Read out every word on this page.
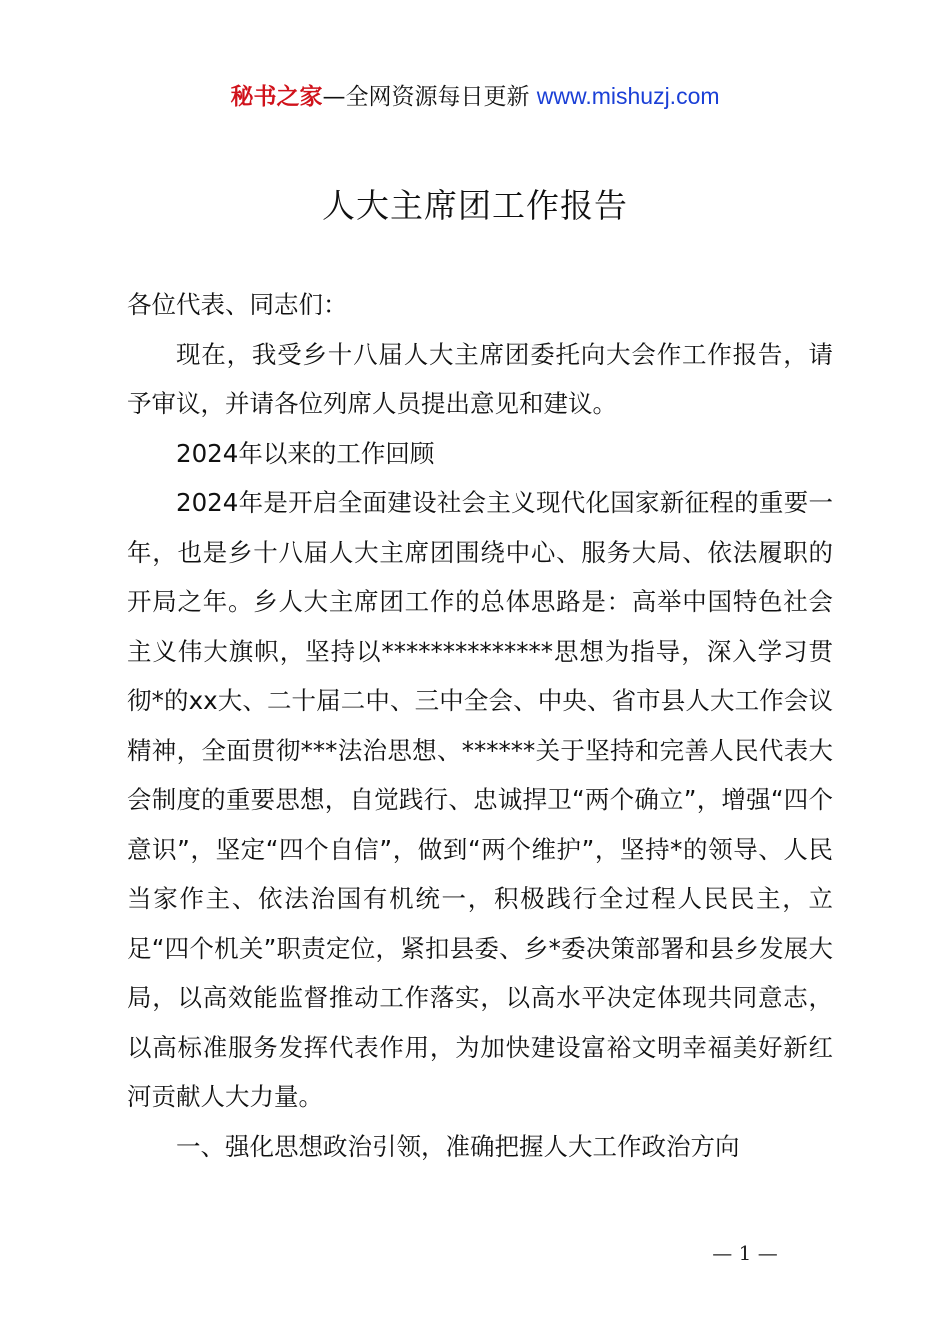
秘书之家—全网资源每日更新 www.mishuzj.com
人大主席团工作报告

各位代表、同志们：

现在，我受乡十八届人大主席团委托向大会作工作报告，请予审议，并请各位列席人员提出意见和建议。

2024年以来的工作回顾

2024年是开启全面建设社会主义现代化国家新征程的重要一年，也是乡十八届人大主席团围绕中心、服务大局、依法履职的开局之年。乡人大主席团工作的总体思路是：高举中国特色社会主义伟大旗帜，坚持以**************思想为指导，深入学习贯彻*的xx大、二十届二中、三中全会、中央、省市县人大工作会议精神，全面贯彻***法治思想、******关于坚持和完善人民代表大会制度的重要思想，自觉践行、忠诚捍卫“两个确立”，增强“四个意识”，坚定“四个自信”，做到“两个维护”，坚持*的领导、人民当家作主、依法治国有机统一，积极践行全过程人民民主，立足“四个机关”职责定位，紧扣县委、乡*委决策部署和县乡发展大局，以高效能监督推动工作落实，以高水平决定体现共同意志，以高标准服务发挥代表作用，为加快建设富裕文明幸福美好新红河贡献人大力量。

一、强化思想政治引领，准确把握人大工作政治方向

— 1 —
